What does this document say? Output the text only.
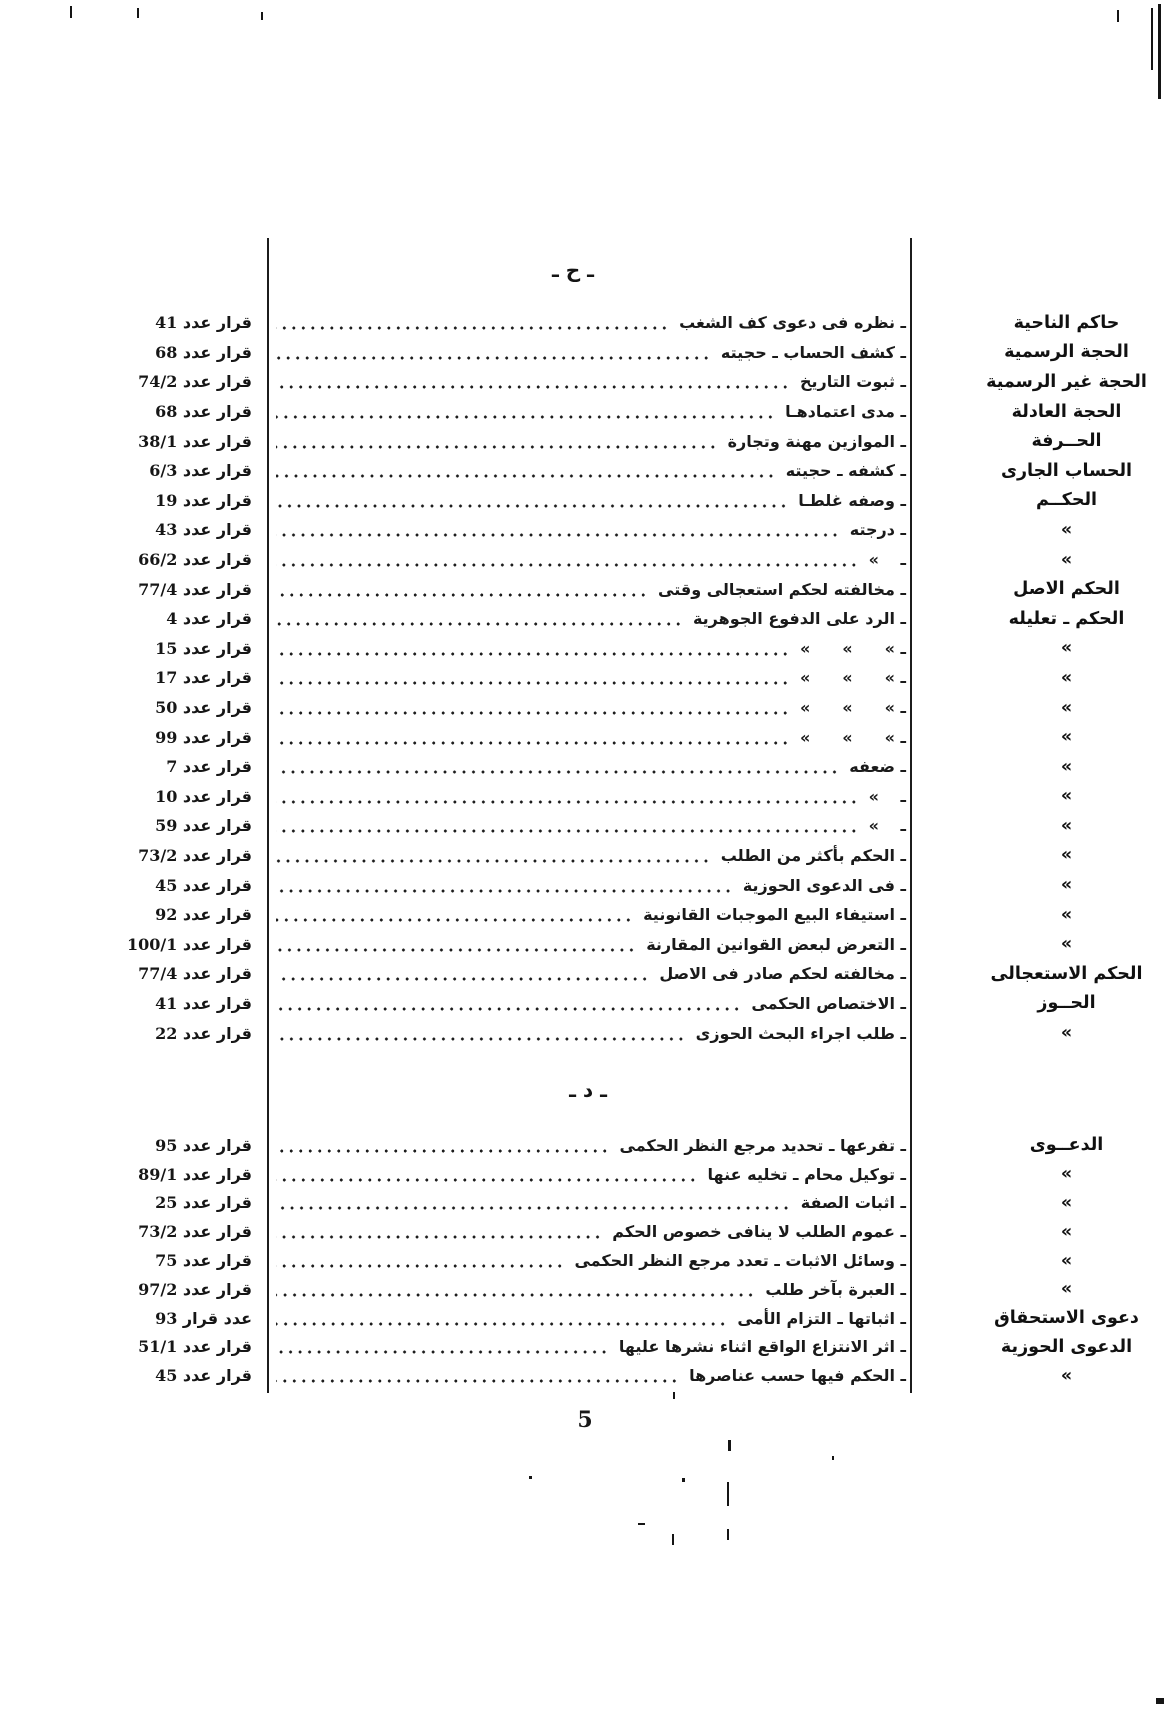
ـ ح ـ
حاكم الناحية
ـ نظره فى دعوى كف الشغب
قرار عدد 41
الحجة الرسمية
ـ كشف الحساب ـ حجيته
قرار عدد 68
الحجة غير الرسمية
ـ ثبوت التاريخ
قرار عدد 74/2
الحجة العادلة
ـ مدى اعتمادهـا
قرار عدد 68
الحــرفة
ـ الموازين مهنة وتجارة
قرار عدد 38/1
الحساب الجارى
ـ كشفه ـ حجيته
قرار عدد 6/3
الحكــم
ـ وصفه غلطـا
قرار عدد 19
»
ـ درجته
قرار عدد 43
»
ـ  »
قرار عدد 66/2
الحكم الاصل
ـ مخالفته لحكم استعجالى وقتى
قرار عدد 77/4
الحكم ـ تعليله
ـ الرد على الدفوع الجوهرية
قرار عدد 4
»
ـ »  »  »
قرار عدد 15
»
ـ »  »  »
قرار عدد 17
»
ـ »  »  »
قرار عدد 50
»
ـ »  »  »
قرار عدد 99
»
ـ ضعفه
قرار عدد 7
»
ـ  »
قرار عدد 10
»
ـ  »
قرار عدد 59
»
ـ الحكم بأكثر من الطلب
قرار عدد 73/2
»
ـ فى الدعوى الحوزية
قرار عدد 45
»
ـ استيفاء البيع الموجبات القانونية
قرار عدد 92
»
ـ التعرض لبعض القوانين المقارنة
قرار عدد 100/1
الحكم الاستعجالى
ـ مخالفته لحكم صادر فى الاصل
قرار عدد 77/4
الحــوز
ـ الاختصاص الحكمى
قرار عدد 41
»
ـ طلب اجراء البحث الحوزى
قرار عدد 22
ـ د ـ
الدعــوى
ـ تفرعها ـ تحديد مرجع النظر الحكمى
قرار عدد 95
»
ـ توكيل محام ـ تخليه عنها
قرار عدد 89/1
»
ـ اثبات الصفة
قرار عدد 25
»
ـ عموم الطلب لا ينافى خصوص الحكم
قرار عدد 73/2
»
ـ وسائل الاثبات ـ تعدد مرجع النظر الحكمى
قرار عدد 75
»
ـ العبرة بآخر طلب
قرار عدد 97/2
دعوى الاستحقاق
ـ اثباتها ـ التزام الأمى
عدد قرار 93
الدعوى الحوزية
ـ اثر الانتزاع الواقع اثناء نشرها عليها
قرار عدد 51/1
»
ـ الحكم فيها حسب عناصرها
قرار عدد 45
5
